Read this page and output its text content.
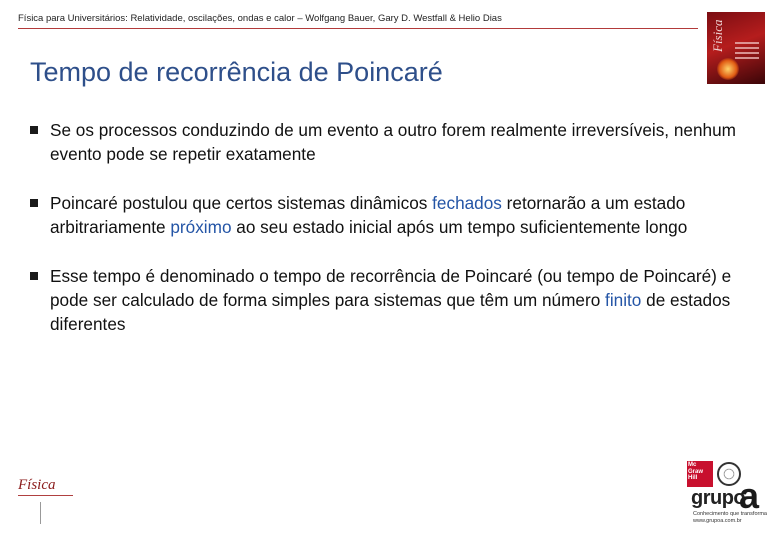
Física para Universitários: Relatividade, oscilações, ondas e calor – Wolfgang Bauer, Gary D. Westfall & Helio Dias
Física
Tempo de recorrência de Poincaré
Se os processos conduzindo de um evento a outro forem realmente irreversíveis, nenhum evento pode se repetir exatamente
Poincaré postulou que certos sistemas dinâmicos fechados retornarão a um estado arbitrariamente próximo ao seu estado inicial após um tempo suficientemente longo
Esse tempo é denominado o tempo de recorrência de Poincaré (ou tempo de Poincaré) e pode ser calculado de forma simples para sistemas que têm um número finito de estados diferentes
Física
Mc Graw Hill
grupo
a
Conhecimento que transforma
www.grupoa.com.br
